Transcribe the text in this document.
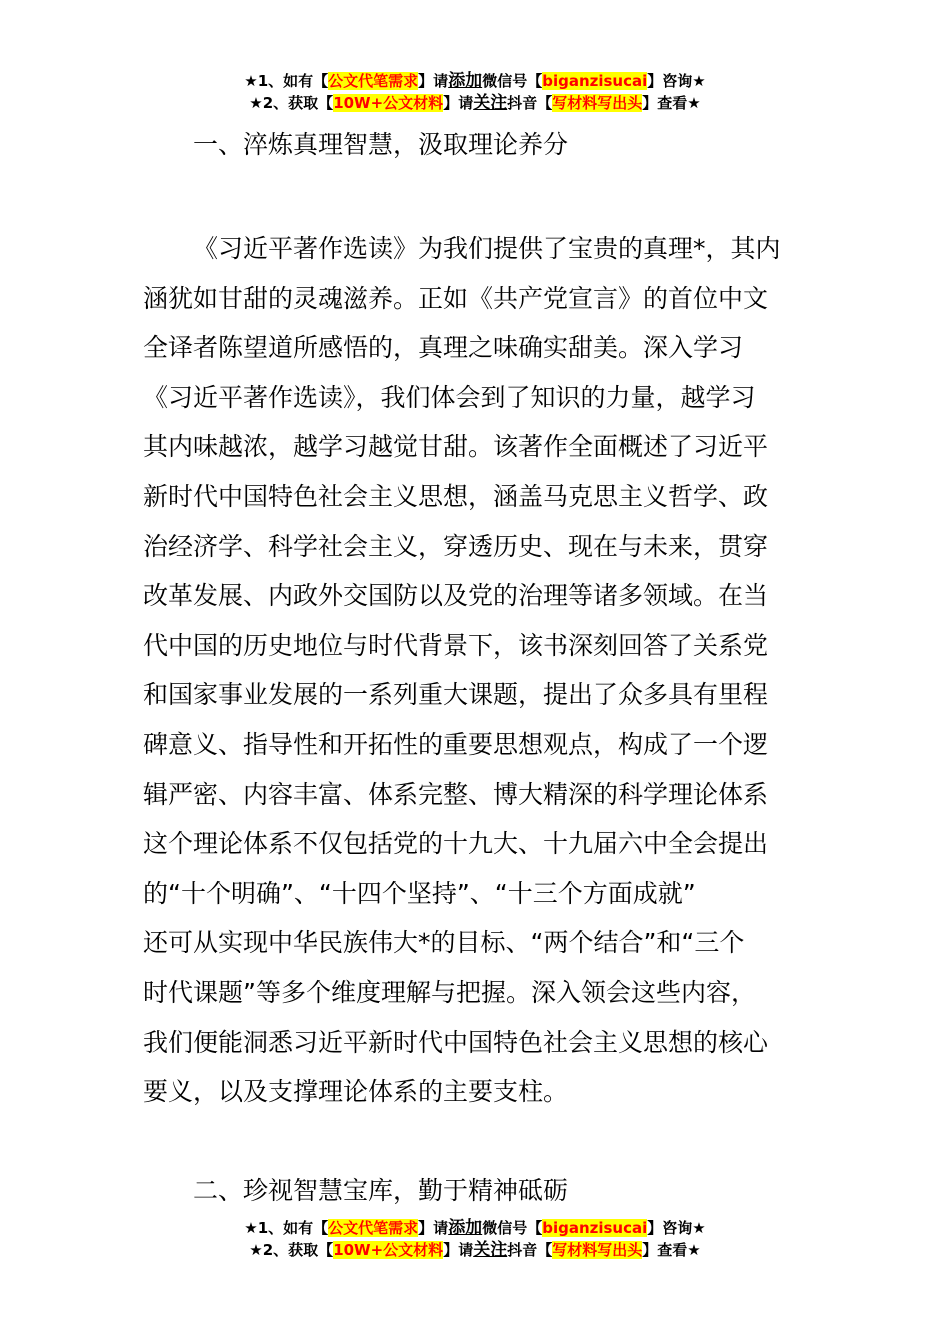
★1、如有【公文代笔需求】请添加微信号【biganzisucai】咨询★
★2、获取【10W+公文材料】请关注抖音【写材料写出头】查看★
一、淬炼真理智慧，汲取理论养分
《习近平著作选读》为我们提供了宝贵的真理*，其内
涵犹如甘甜的灵魂滋养。正如《共产党宣言》的首位中文
全译者陈望道所感悟的，真理之味确实甜美。深入学习
《习近平著作选读》，我们体会到了知识的力量，越学习
其内味越浓，越学习越觉甘甜。该著作全面概述了习近平
新时代中国特色社会主义思想，涵盖马克思主义哲学、政
治经济学、科学社会主义，穿透历史、现在与未来，贯穿
改革发展、内政外交国防以及党的治理等诸多领域。在当
代中国的历史地位与时代背景下，该书深刻回答了关系党
和国家事业发展的一系列重大课题，提出了众多具有里程
碑意义、指导性和开拓性的重要思想观点，构成了一个逻
辑严密、内容丰富、体系完整、博大精深的科学理论体系
这个理论体系不仅包括党的十九大、十九届六中全会提出
的“十个明确”、“十四个坚持”、“十三个方面成就”
还可从实现中华民族伟大*的目标、“两个结合”和“三个
时代课题”等多个维度理解与把握。深入领会这些内容，
我们便能洞悉习近平新时代中国特色社会主义思想的核心
要义，以及支撑理论体系的主要支柱。
二、珍视智慧宝库，勤于精神砥砺
★1、如有【公文代笔需求】请添加微信号【biganzisucai】咨询★
★2、获取【10W+公文材料】请关注抖音【写材料写出头】查看★
